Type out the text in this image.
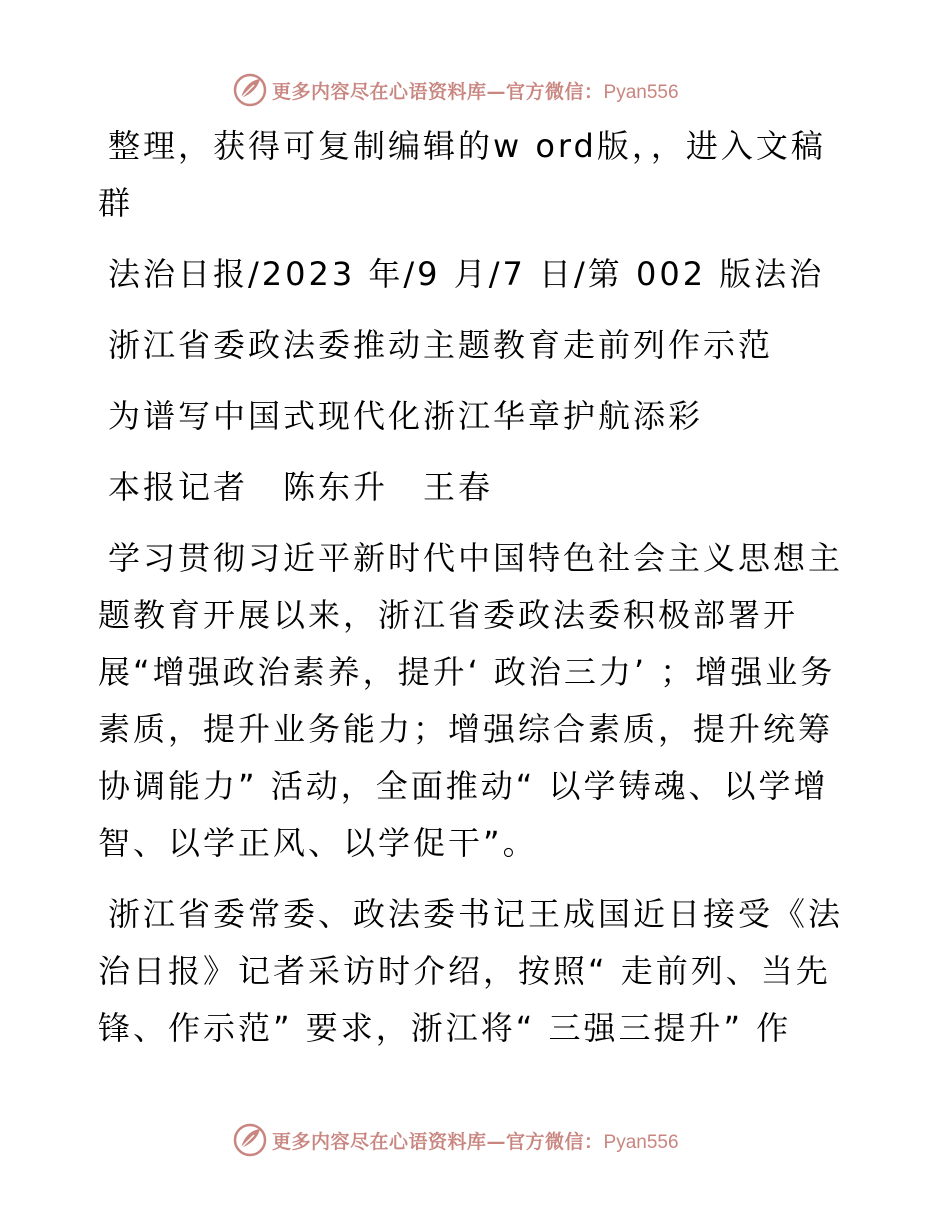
更多内容尽在心语资料库—官方微信：Pyan556

整理，获得可复制编辑的w ord版，，进入文稿群

法治日报/2023 年/9 月/7 日/第 002 版法治

浙江省委政法委推动主题教育走前列作示范

为谱写中国式现代化浙江华章护航添彩

本报记者　陈东升　王春

学习贯彻习近平新时代中国特色社会主义思想主题教育开展以来，浙江省委政法委积极部署开展“增强政治素养，提升‘ 政治三力’ ；增强业务素质，提升业务能力；增强综合素质，提升统筹协调能力” 活动，全面推动“ 以学铸魂、以学增智、以学正风、以学促干”。

浙江省委常委、政法委书记王成国近日接受《法治日报》记者采访时介绍，按照“ 走前列、当先锋、作示范” 要求，浙江将“ 三强三提升” 作

更多内容尽在心语资料库—官方微信：Pyan556
